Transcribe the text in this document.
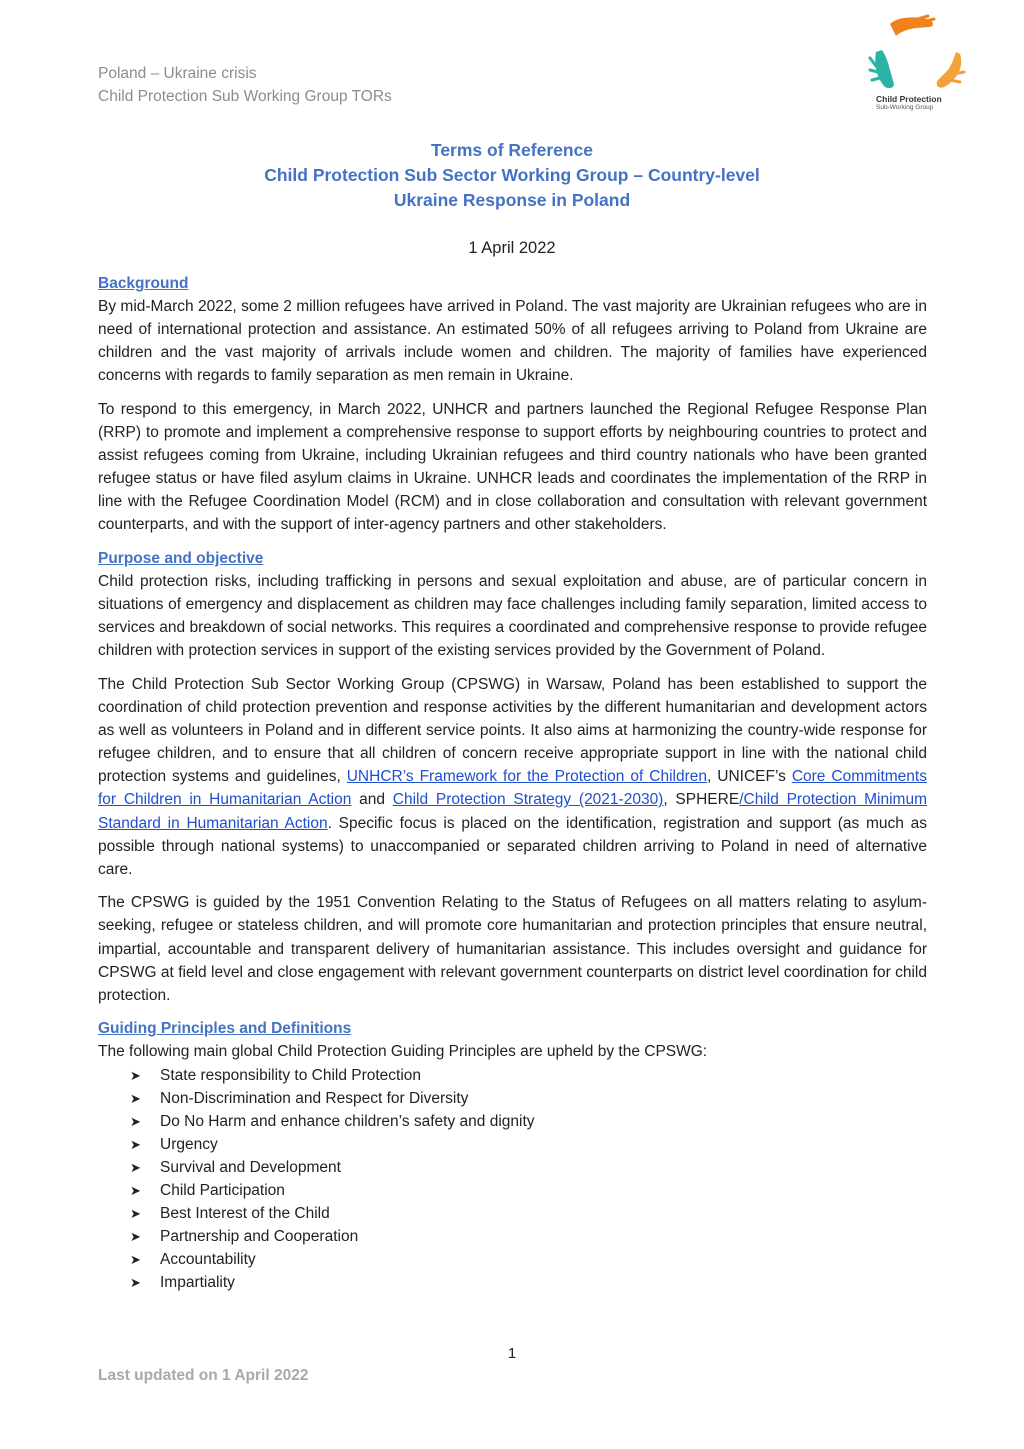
Poland – Ukraine crisis
Child Protection Sub Working Group TORs	Child Protection
Sub-Working Group
Terms of Reference
Child Protection Sub Sector Working Group – Country-level
Ukraine Response in Poland
1 April 2022

Background

By mid-March 2022, some 2 million refugees have arrived in Poland. The vast majority are Ukrainian refugees who are in need of international protection and assistance. An estimated 50% of all refugees arriving to Poland from Ukraine are children and the vast majority of arrivals include women and children. The majority of families have experienced concerns with regards to family separation as men remain in Ukraine.

To respond to this emergency, in March 2022, UNHCR and partners launched the Regional Refugee Response Plan (RRP) to promote and implement a comprehensive response to support efforts by neighbouring countries to protect and assist refugees coming from Ukraine, including Ukrainian refugees and third country nationals who have been granted refugee status or have filed asylum claims in Ukraine. UNHCR leads and coordinates the implementation of the RRP in line with the Refugee Coordination Model (RCM) and in close collaboration and consultation with relevant government counterparts, and with the support of inter-agency partners and other stakeholders.

Purpose and objective

Child protection risks, including trafficking in persons and sexual exploitation and abuse, are of particular concern in situations of emergency and displacement as children may face challenges including family separation, limited access to services and breakdown of social networks. This requires a coordinated and comprehensive response to provide refugee children with protection services in support of the existing services provided by the Government of Poland.

The Child Protection Sub Sector Working Group (CPSWG) in Warsaw, Poland has been established to support the coordination of child protection prevention and response activities by the different humanitarian and development actors as well as volunteers in Poland and in different service points. It also aims at harmonizing the country-wide response for refugee children, and to ensure that all children of concern receive appropriate support in line with the national child protection systems and guidelines, UNHCR’s Framework for the Protection of Children, UNICEF’s Core Commitments for Children in Humanitarian Action and Child Protection Strategy (2021-2030), SPHERE/Child Protection Minimum Standard in Humanitarian Action. Specific focus is placed on the identification, registration and support (as much as possible through national systems) to unaccompanied or separated children arriving to Poland in need of alternative care.

The CPSWG is guided by the 1951 Convention Relating to the Status of Refugees on all matters relating to asylum-seeking, refugee or stateless children, and will promote core humanitarian and protection principles that ensure neutral, impartial, accountable and transparent delivery of humanitarian assistance. This includes oversight and guidance for CPSWG at field level and close engagement with relevant government counterparts on district level coordination for child protection.

Guiding Principles and Definitions

The following main global Child Protection Guiding Principles are upheld by the CPSWG:

➤ State responsibility to Child Protection
➤ Non-Discrimination and Respect for Diversity
➤ Do No Harm and enhance children’s safety and dignity
➤ Urgency
➤ Survival and Development
➤ Child Participation
➤ Best Interest of the Child
➤ Partnership and Cooperation
➤ Accountability
➤ Impartiality
1
Last updated on 1 April 2022
